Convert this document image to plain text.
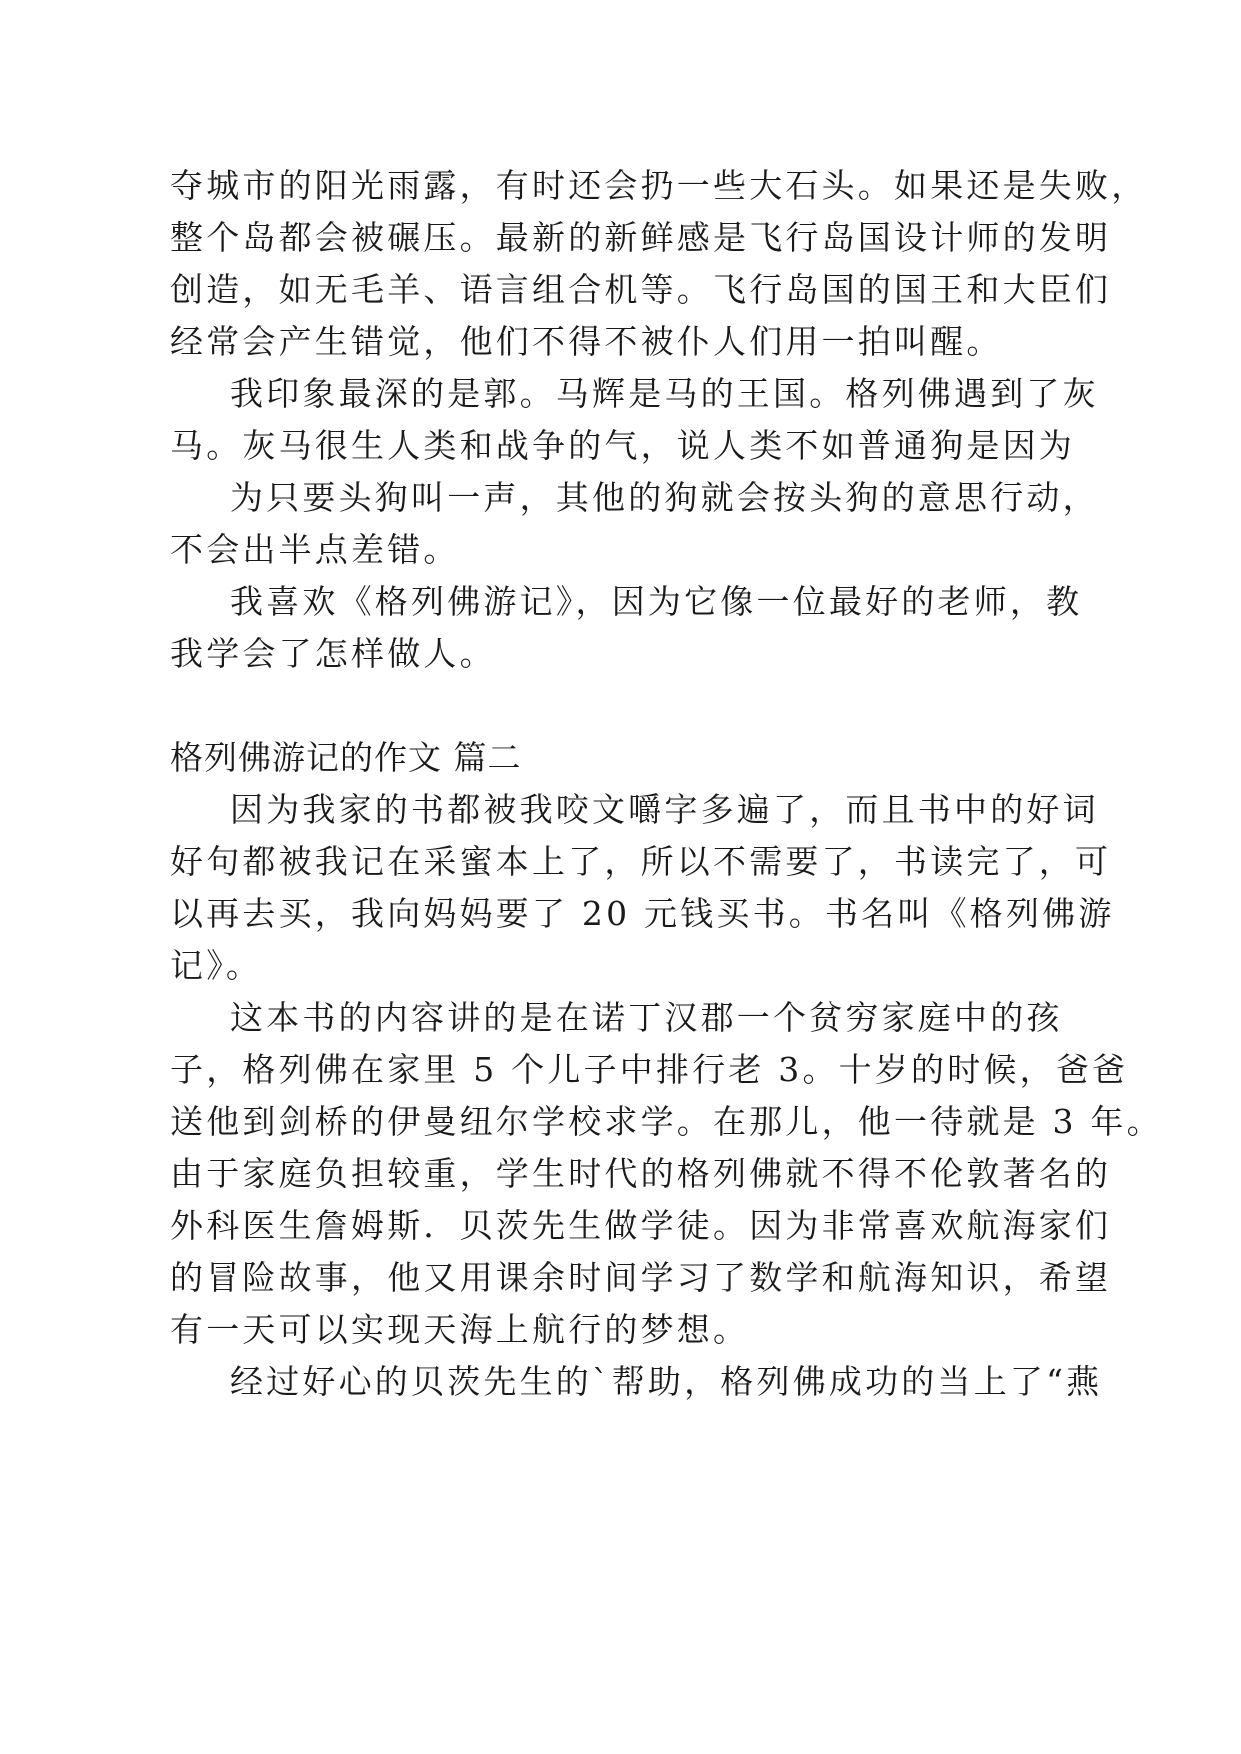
夺城市的阳光雨露，有时还会扔一些大石头。如果还是失败，
整个岛都会被碾压。最新的新鲜感是飞行岛国设计师的发明
创造，如无毛羊、语言组合机等。飞行岛国的国王和大臣们
经常会产生错觉，他们不得不被仆人们用一拍叫醒。
我印象最深的是郭。马辉是马的王国。格列佛遇到了灰
马。灰马很生人类和战争的气，说人类不如普通狗是因为
为只要头狗叫一声，其他的狗就会按头狗的意思行动，
不会出半点差错。
我喜欢《格列佛游记》，因为它像一位最好的老师，教
我学会了怎样做人。
格列佛游记的作文 篇二
因为我家的书都被我咬文嚼字多遍了，而且书中的好词
好句都被我记在采蜜本上了，所以不需要了，书读完了，可
以再去买，我向妈妈要了 20 元钱买书。书名叫《格列佛游
记》。
这本书的内容讲的是在诺丁汉郡一个贫穷家庭中的孩
子，格列佛在家里 5 个儿子中排行老 3。十岁的时候，爸爸
送他到剑桥的伊曼纽尔学校求学。在那儿，他一待就是 3 年。
由于家庭负担较重，学生时代的格列佛就不得不伦敦著名的
外科医生詹姆斯．贝茨先生做学徒。因为非常喜欢航海家们
的冒险故事，他又用课余时间学习了数学和航海知识，希望
有一天可以实现天海上航行的梦想。
经过好心的贝茨先生的`帮助，格列佛成功的当上了“燕
